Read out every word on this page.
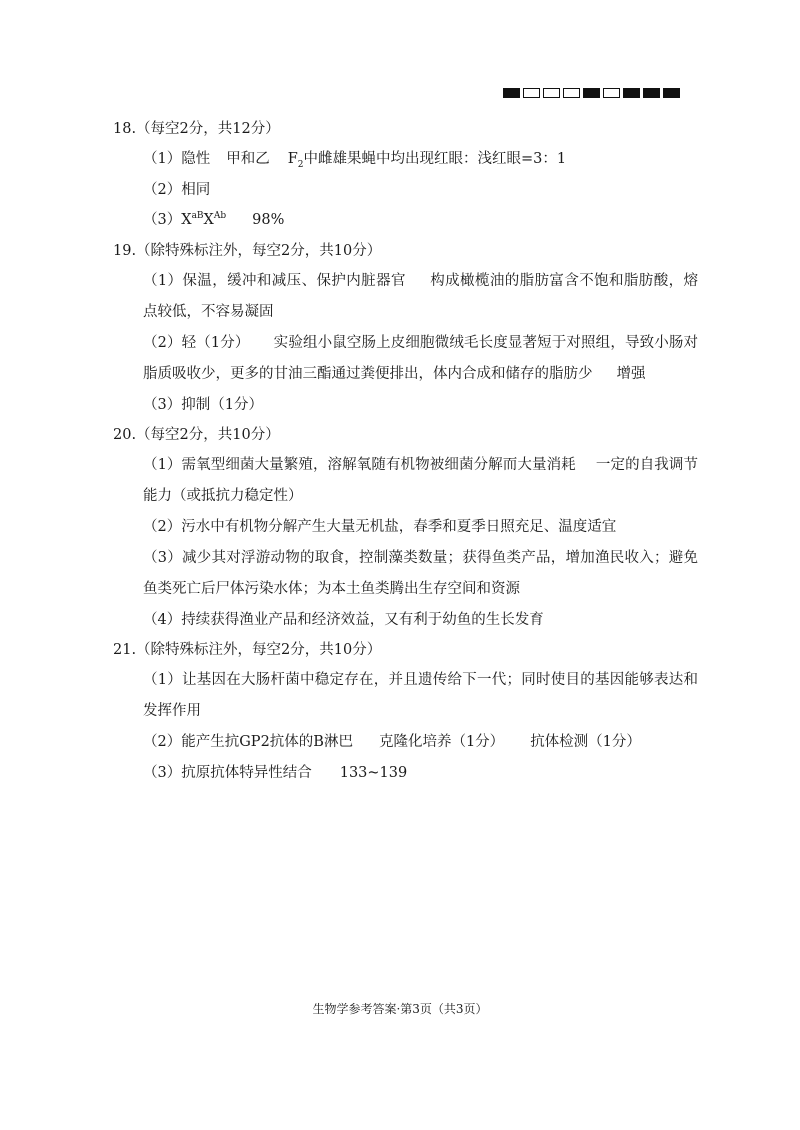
18.（每空2分，共12分）
（1）隐性 甲和乙 $F_2$中雌雄果蝇中均出现红眼：浅红眼=3：1
（2）相同
$(3)X^{aB}X^{Ab}$ 98%
19.（除特殊标注外，每空2分，共10分）
（1）保温，缓冲和减压、保护内脏器官 构成橄榄油的脂肪富含不饱和脂肪酸，熔点较低，不容易凝固
（2）轻（1分） 实验组小鼠空肠上皮细胞微绒毛长度显著短于对照组，导致小肠对脂质吸收少，更多的甘油三酯通过粪便排出，体内合成和储存的脂肪少 增强
（3）抑制（1分）
20.（每空2分，共10分）
（1）需氧型细菌大量繁殖，溶解氧随有机物被细菌分解而大量消耗 一定的自我调节能力（或抵抗力稳定性）
（2）污水中有机物分解产生大量无机盐，春季和夏季日照充足、温度适宜
（3）减少其对浮游动物的取食，控制藻类数量；获得鱼类产品，增加渔民收入；避免鱼类死亡后尸体污染水体；为本土鱼类腾出生存空间和资源
（4）持续获得渔业产品和经济效益，又有利于幼鱼的生长发育
21.（除特殊标注外，每空2分，共10分）
（1）让基因在大肠杆菌中稳定存在，并且遗传给下一代；同时使目的基因能够表达和发挥作用
（2）能产生抗GP2抗体的B淋巴 克隆化培养（1分） 抗体检测（1分）
（3）抗原抗体特异性结合 133~139
生物学参考答案·第3页（共3页）
